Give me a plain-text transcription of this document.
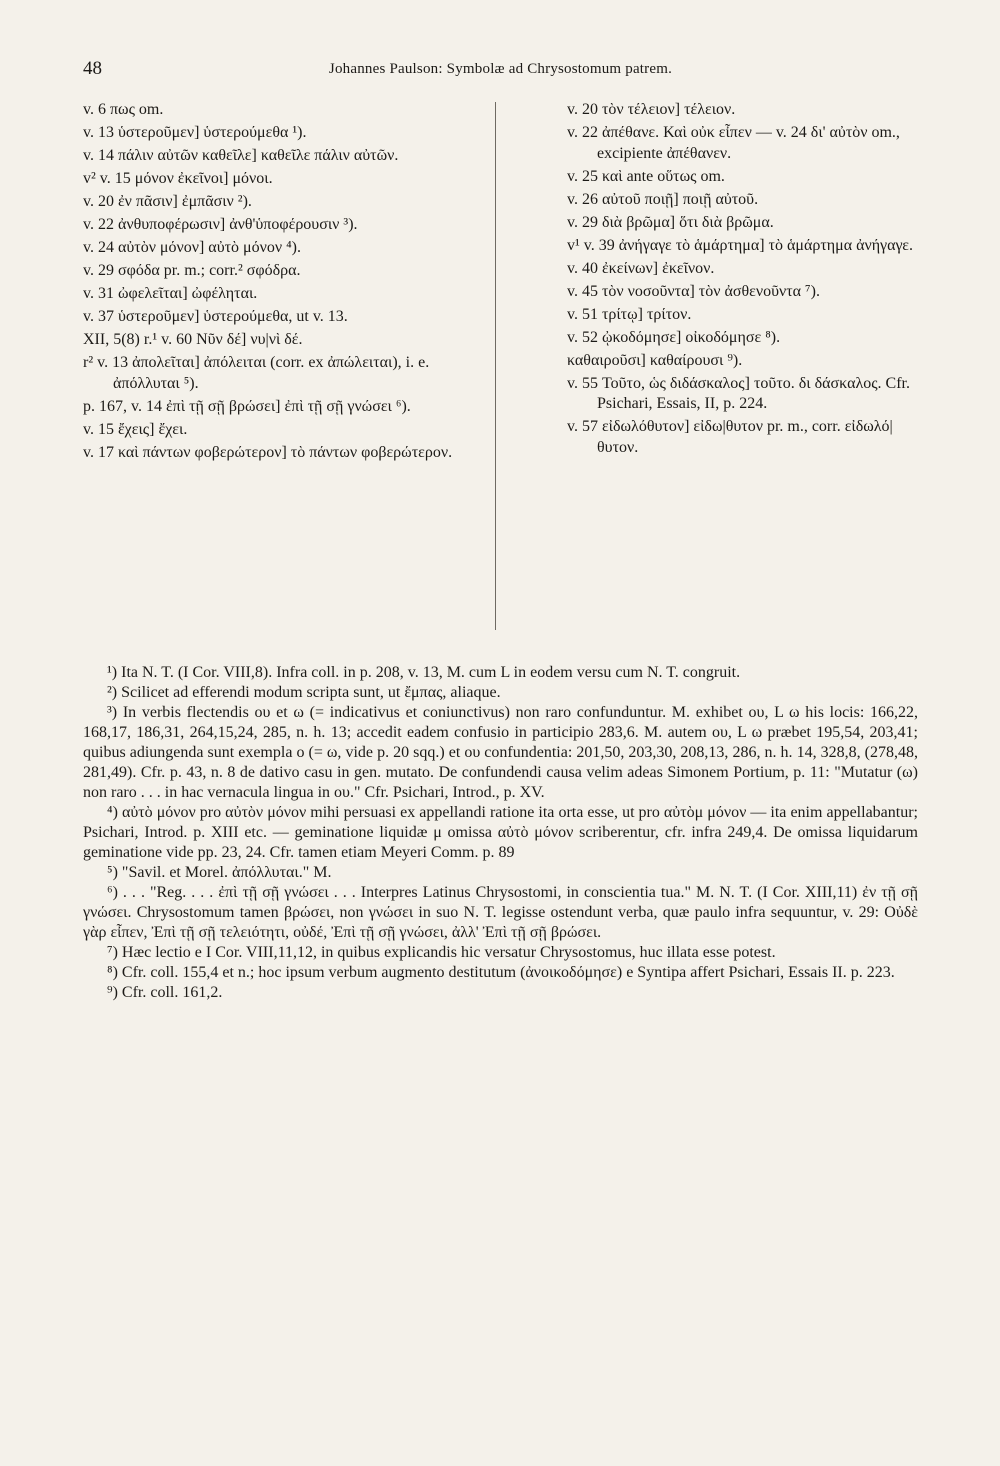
48	Johannes Paulson: Symbolæ ad Chrysostomum patrem.

v. 6 πως om.

v. 13 ὑστεροῦμεν] ὑστερούμεθα ¹).

v. 14 πάλιν αὐτῶν καθεῖλε] καθεῖλε πάλιν αὐτῶν.

v² v. 15 μόνον ἐκεῖνοι] μόνοι.

v. 20 ἐν πᾶσιν] ἐμπᾶσιν ²).

v. 22 ἀνθυποφέρωσιν] ἀνθ'ὑποφέρουσιν ³).

v. 24 αὐτὸν μόνον] αὐτὸ μόνον ⁴).

v. 29 σφόδα pr. m.; corr.² σφόδρα.

v. 31 ὠφελεῖται] ὠφέληται.

v. 37 ὑστεροῦμεν] ὑστερούμεθα, ut v. 13.

XII, 5(8) r.¹ v. 60 Νῦν δέ] νυ|νὶ δέ.

r² v. 13 ἀπολεῖται] ἀπόλειται (corr. ex ἀπώλειται), i. e. ἀπόλλυται ⁵).

p. 167, v. 14 ἐπὶ τῇ σῇ βρώσει] ἐπὶ τῇ σῇ γνώσει ⁶).

v. 15 ἔχεις] ἔχει.

v. 17 καὶ πάντων φοβερώτερον] τὸ πάντων φοβερώτερον.

v. 20 τὸν τέλειον] τέλειον.

v. 22 ἀπέθανε. Καὶ οὐκ εἶπεν — v. 24 δι' αὐτὸν om., excipiente ἀπέθανεν.

v. 25 καὶ ante οὕτως om.

v. 26 αὐτοῦ ποιῇ] ποιῇ αὐτοῦ.

v. 29 διὰ βρῶμα] ὅτι διὰ βρῶμα.

v¹ v. 39 ἀνήγαγε τὸ ἁμάρτημα] τὸ ἁμάρτημα ἀνήγαγε.

v. 40 ἐκείνων] ἐκεῖνον.

v. 45 τὸν νοσοῦντα] τὸν ἀσθενοῦντα ⁷).

v. 51 τρίτῳ] τρίτον.

v. 52 ᾠκοδόμησε] οἰκοδόμησε ⁸).

καθαιροῦσι] καθαίρουσι ⁹).

v. 55 Τοῦτο, ὡς διδάσκαλος] τοῦτο. δι δάσκαλος. Cfr. Psichari, Essais, II, p. 224.

v. 57 εἰδωλόθυτον] εἰδω|θυτον pr. m., corr. εἰδωλό| θυτον.

¹) Ita N. T. (I Cor. VIII,8). Infra coll. in p. 208, v. 13, M. cum L in eodem versu cum N. T. congruit.

²) Scilicet ad efferendi modum scripta sunt, ut ἔμπας, aliaque.

³) In verbis flectendis ου et ω (= indicativus et coniunctivus) non raro confunduntur. M. exhibet ου, L ω his locis: 166,22, 168,17, 186,31, 264,15,24, 285, n. h. 13; accedit eadem confusio in participio 283,6. M. autem ου, L ω præbet 195,54, 203,41; quibus adiungenda sunt exempla ο (= ω, vide p. 20 sqq.) et ου confundentia: 201,50, 203,30, 208,13, 286, n. h. 14, 328,8, (278,48, 281,49). Cfr. p. 43, n. 8 de dativo casu in gen. mutato. De confundendi causa velim adeas Simonem Portium, p. 11: "Mutatur (ω) non raro . . . in hac vernacula lingua in ου." Cfr. Psichari, Introd., p. XV.

⁴) αὐτὸ μόνον pro αὐτὸν μόνον mihi persuasi ex appellandi ratione ita orta esse, ut pro αὐτὸμ μόνον — ita enim appellabantur; Psichari, Introd. p. XIII etc. — geminatione liquidæ μ omissa αὐτὸ μόνον scriberentur, cfr. infra 249,4. De omissa liquidarum geminatione vide pp. 23, 24. Cfr. tamen etiam Meyeri Comm. p. 89

⁵) "Savil. et Morel. ἀπόλλυται." M.

⁶) . . . "Reg. . . . ἐπὶ τῇ σῇ γνώσει . . . Interpres Latinus Chrysostomi, in conscientia tua." M. N. T. (I Cor. XIII,11) ἐν τῇ σῇ γνώσει. Chrysostomum tamen βρώσει, non γνώσει in suo N. T. legisse ostendunt verba, quæ paulo infra sequuntur, v. 29: Οὐδὲ γὰρ εἶπεν, Ἐπὶ τῇ σῇ τελειότητι, οὐδέ, Ἐπὶ τῇ σῇ γνώσει, ἀλλ' Ἐπὶ τῇ σῇ βρώσει.

⁷) Hæc lectio e I Cor. VIII,11,12, in quibus explicandis hic versatur Chrysostomus, huc illata esse potest.

⁸) Cfr. coll. 155,4 et n.; hoc ipsum verbum augmento destitutum (ἀνοικοδόμησε) e Syntipa affert Psichari, Essais II. p. 223.

⁹) Cfr. coll. 161,2.
